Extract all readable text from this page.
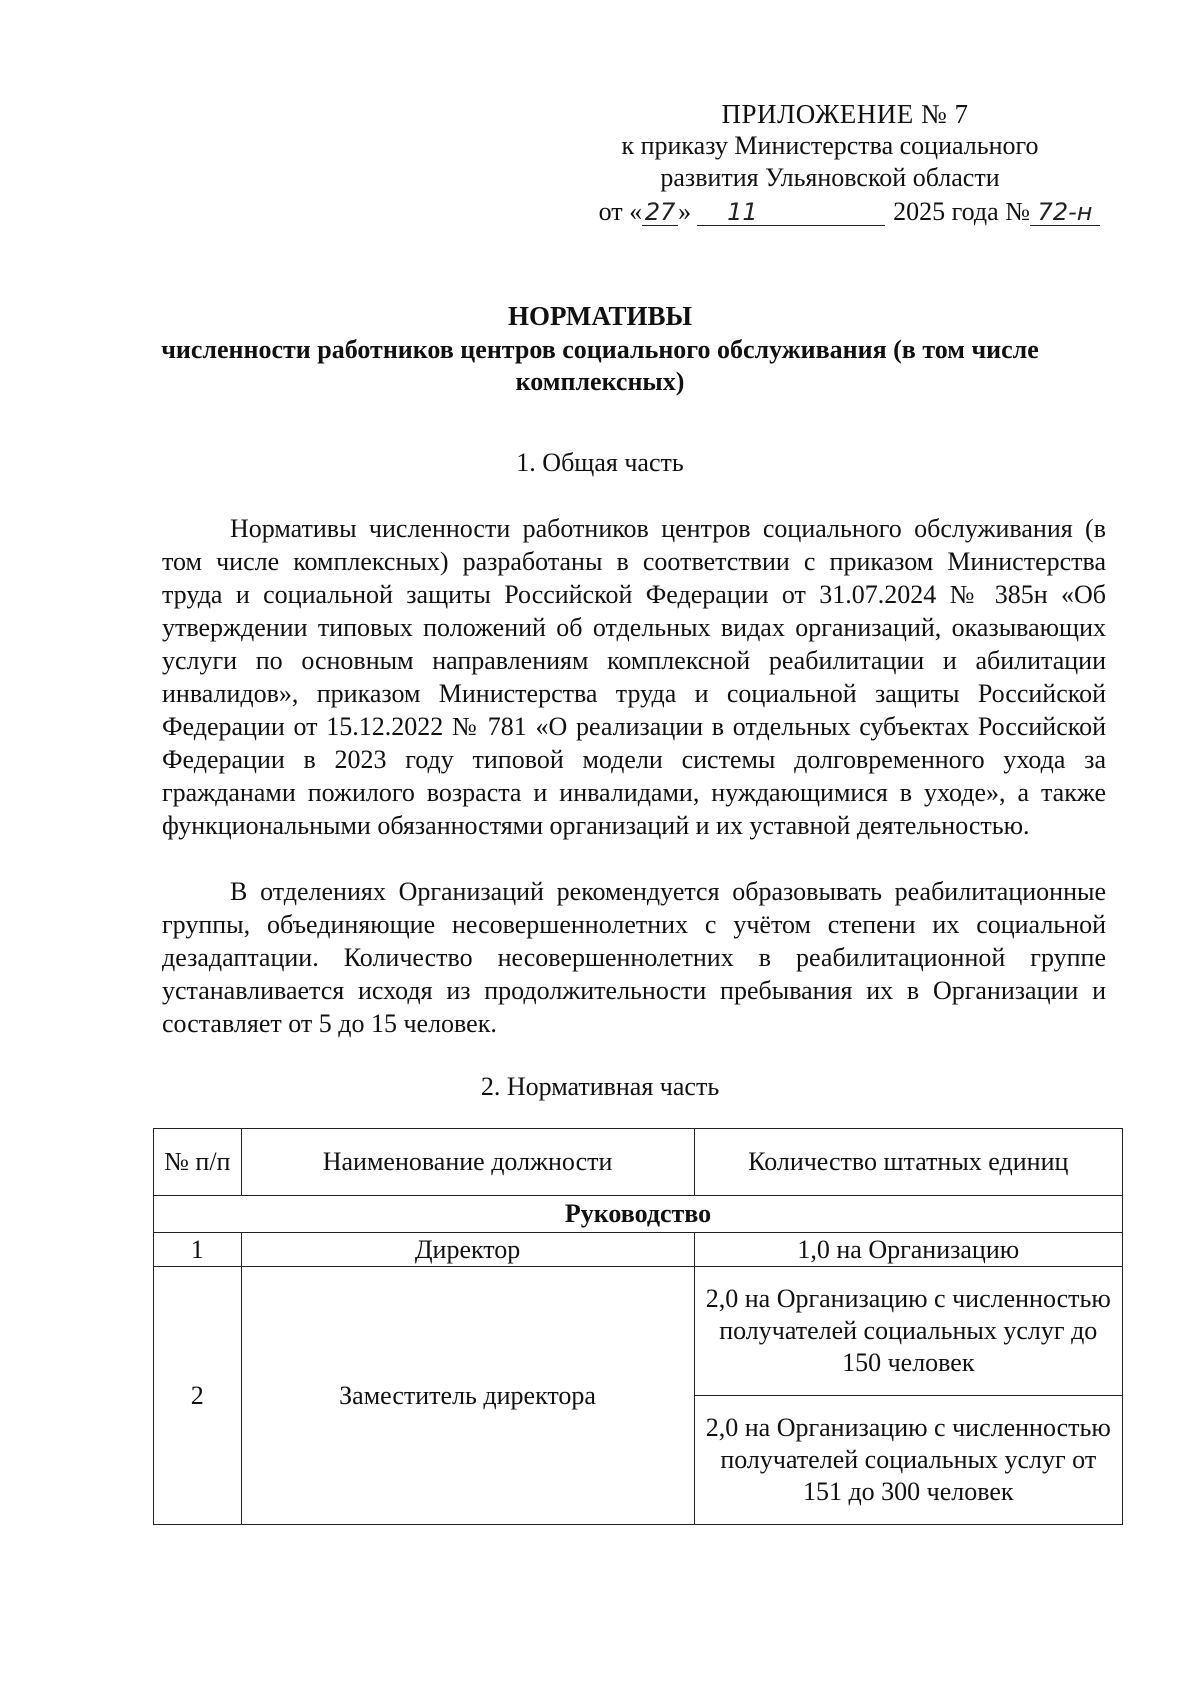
ПРИЛОЖЕНИЕ № 7
к приказу Министерства социального
развития Ульяновской области
от « 27 » 11	2025 года № 72-н
НОРМАТИВЫ
численности работников центров социального обслуживания (в том числе комплексных)
1. Общая часть

Нормативы численности работников центров социального обслуживания (в том числе комплексных) разработаны в соответствии с приказом Министерства труда и социальной защиты Российской Федерации от 31.07.2024 № 385н «Об утверждении типовых положений об отдельных видах организаций, оказывающих услуги по основным направлениям комплексной реабилитации и абилитации инвалидов», приказом Министерства труда и социальной защиты Российской Федерации от 15.12.2022 № 781 «О реализации в отдельных субъектах Российской Федерации в 2023 году типовой модели системы долговременного ухода за гражданами пожилого возраста и инвалидами, нуждающимися в уходе», а также функциональными обязанностями организаций и их уставной деятельностью.

В отделениях Организаций рекомендуется образовывать реабилитационные группы, объединяющие несовершеннолетних с учётом степени их социальной дезадаптации. Количество несовершеннолетних в реабилитационной группе устанавливается исходя из продолжительности пребывания их в Организации и составляет от 5 до 15 человек.

2. Нормативная часть
№ п/п	Наименование должности	Количество штатных единиц
Руководство		
1	Директор	1,0 на Организацию
2	Заместитель директора	2,0 на Организацию с численностью получателей социальных услуг до 150 человек
		2,0 на Организацию с численностью получателей социальных услуг от 151 до 300 человек
